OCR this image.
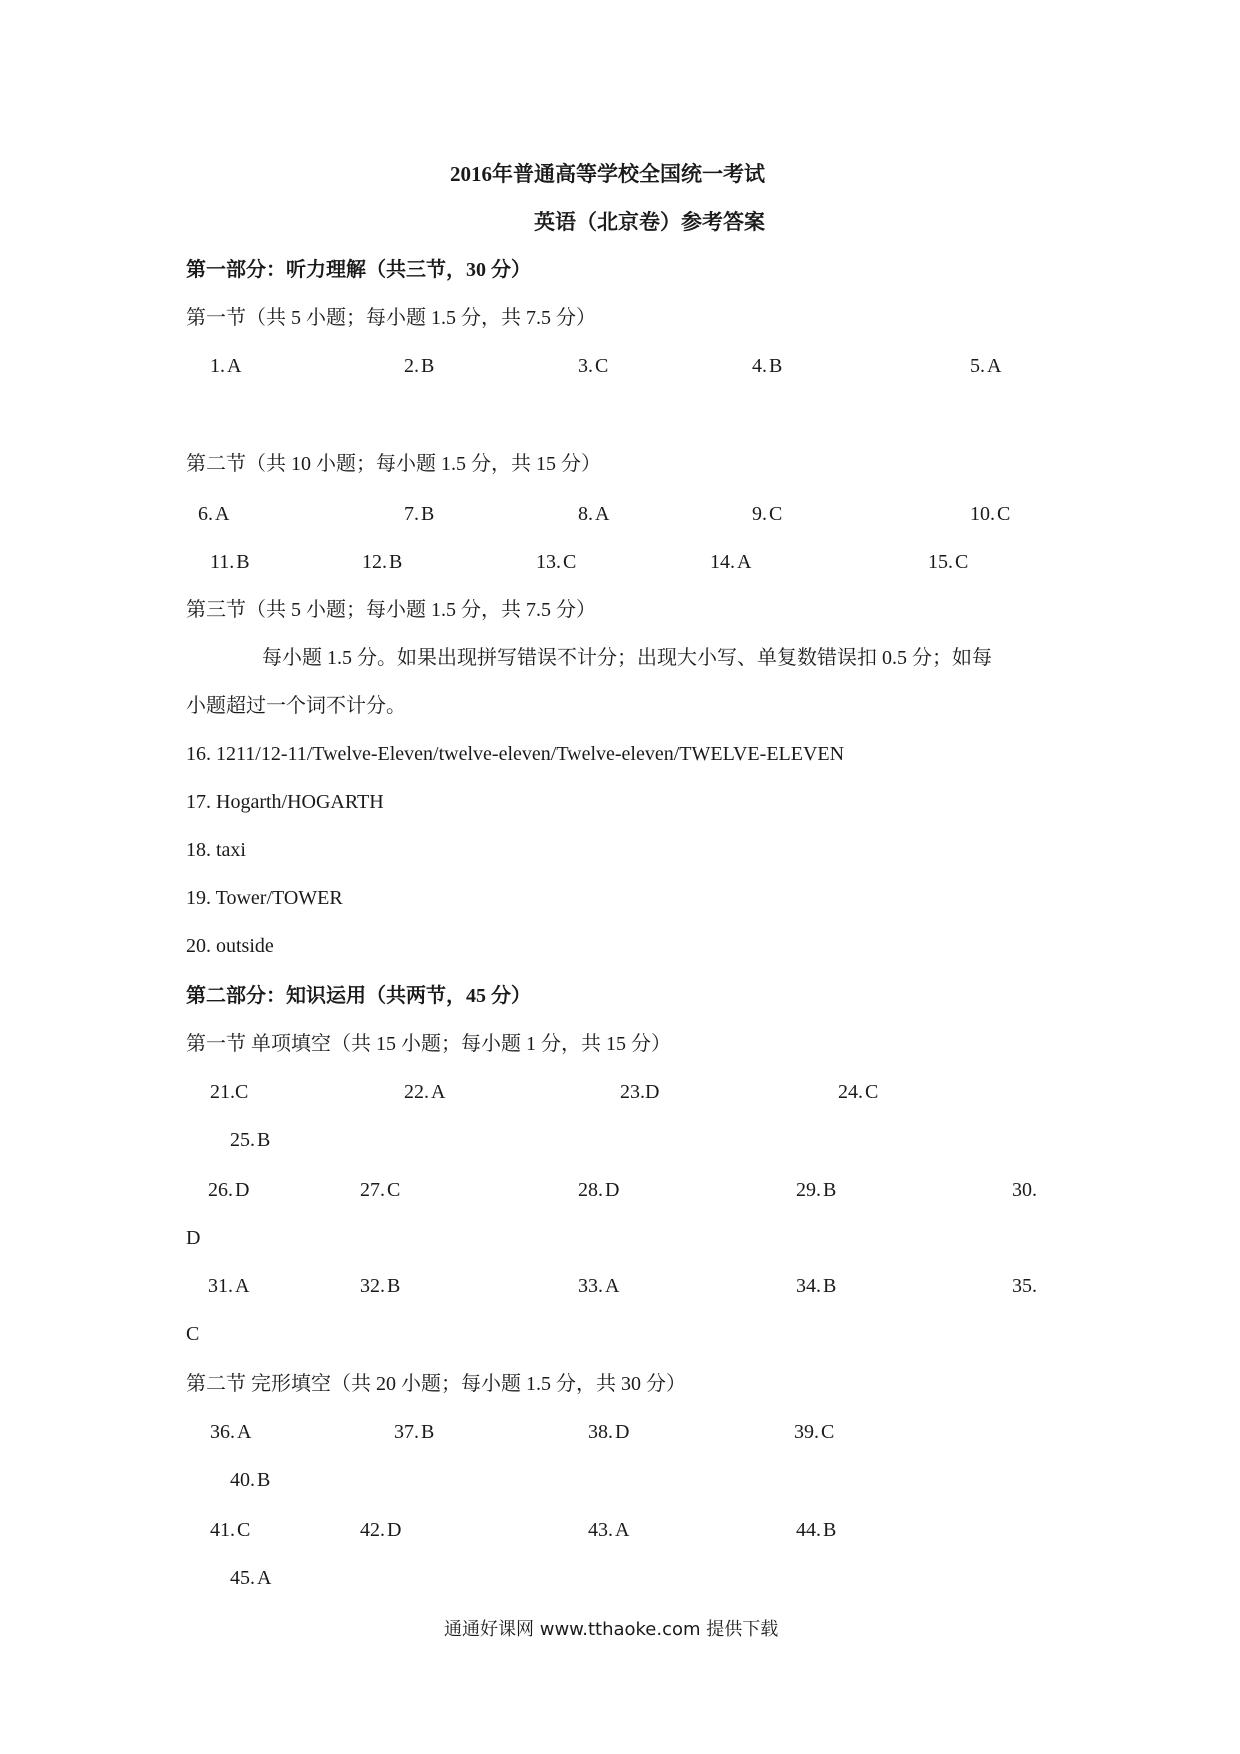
2016年普通高等学校全国统一考试
英语（北京卷）参考答案
第一部分：听力理解（共三节，30 分）
第一节（共 5 小题；每小题 1.5 分，共 7.5 分）
1. A	2. B	3. C	4. B	5. A
第二节（共 10 小题；每小题 1.5 分，共 15 分）
6. A	7. B	8. A	9. C	10. C
11. B	12. B	13. C	14. A	15. C
第三节（共 5 小题；每小题 1.5 分，共 7.5 分）
每小题 1.5 分。如果出现拼写错误不计分；出现大小写、单复数错误扣 0.5 分；如每
小题超过一个词不计分。
16. 1211/12-11/Twelve-Eleven/twelve-eleven/Twelve-eleven/TWELVE-ELEVEN
17. Hogarth/HOGARTH
18. taxi
19. Tower/TOWER
20. outside
第二部分：知识运用（共两节，45 分）
第一节 单项填空（共 15 小题；每小题 1 分，共 15 分）
21.C	22. A	23.D	24. C
25. B
26. D	27. C	28. D	29. B	30.
D
31. A	32. B	33. A	34. B	35.
C
第二节 完形填空（共 20 小题；每小题 1.5 分，共 30 分）
36. A	37. B	38. D	39. C
40. B
41. C	42. D	43. A	44. B
45. A
通通好课网 www.tthaoke.com 提供下载
